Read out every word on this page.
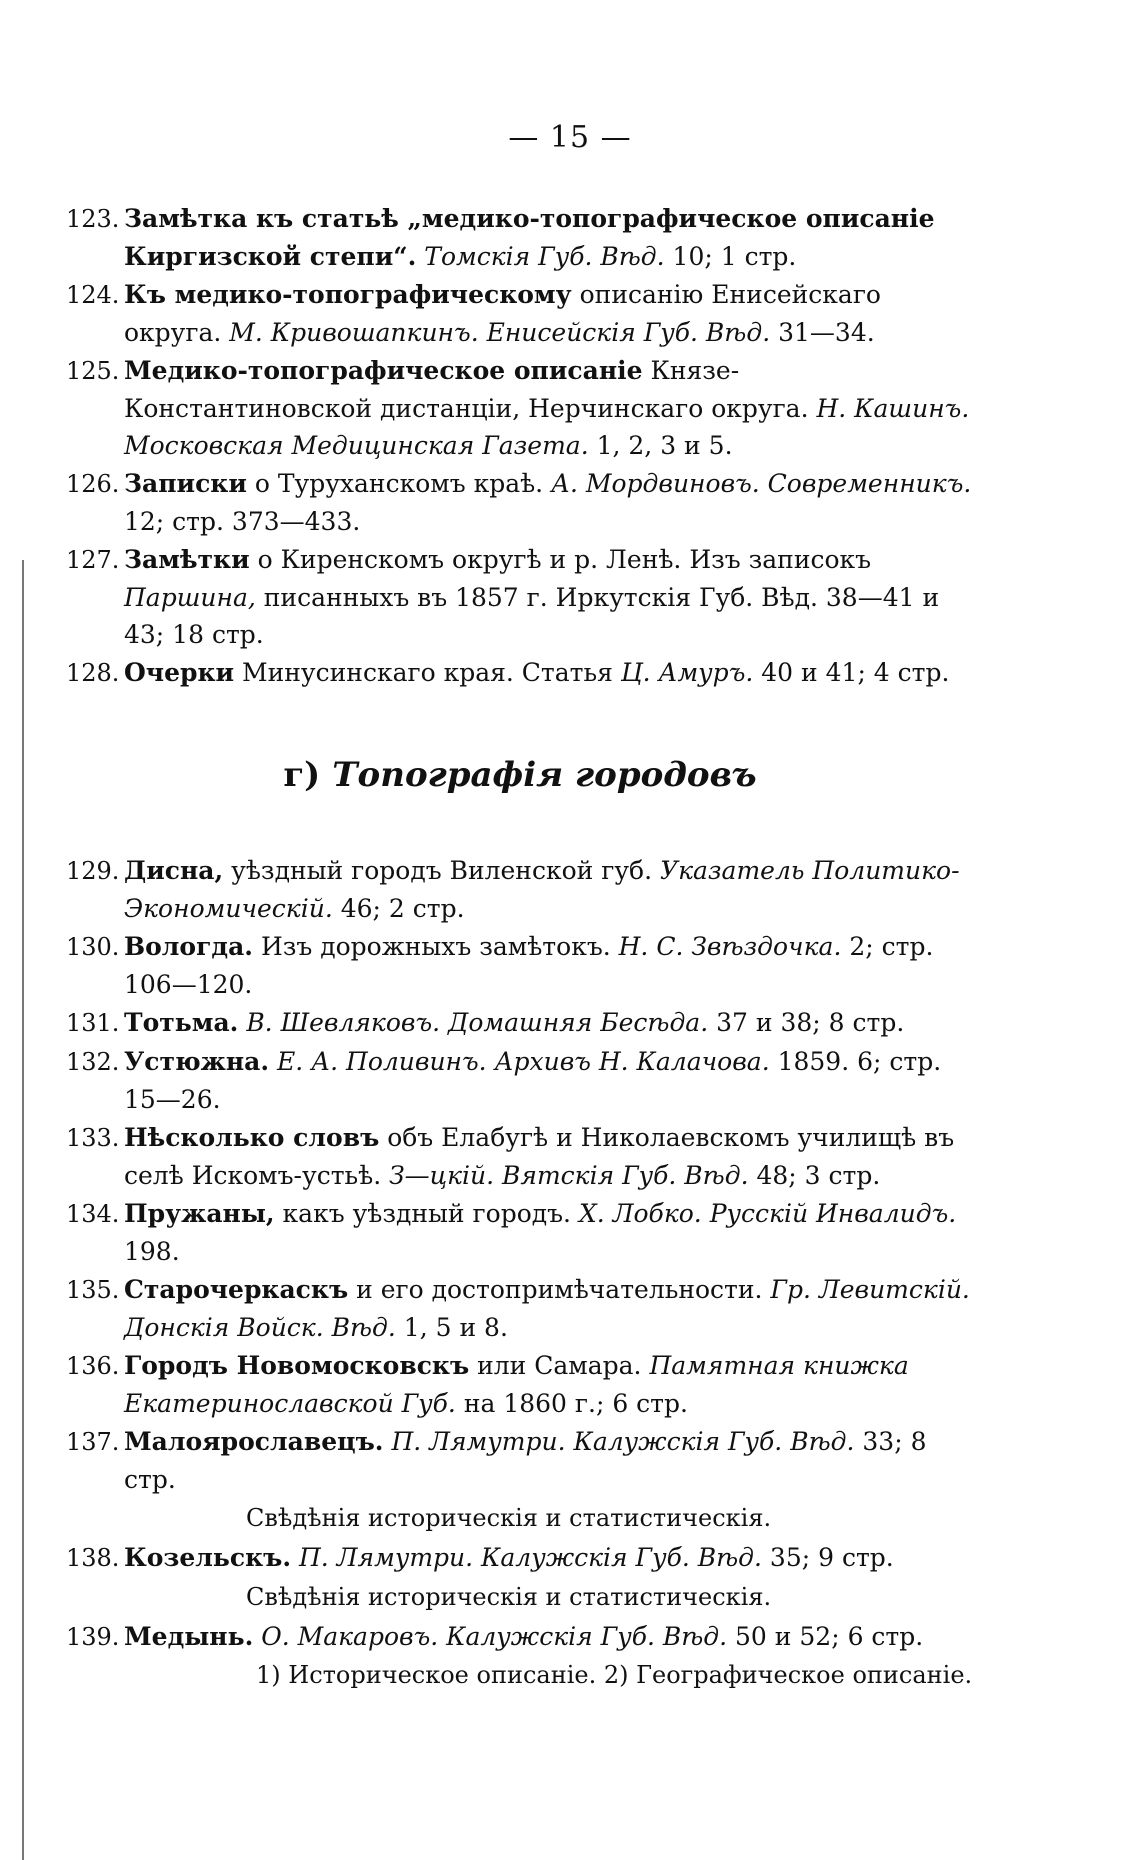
— 15 —
123. Замѣтка къ статьѣ „медико-топографическое описаніе Киргизской степи“. Томскія Губ. Вѣд. 10; 1 стр.
124. Къ медико-топографическому описанію Енисейскаго округа. М. Кривошапкинъ. Енисейскія Губ. Вѣд. 31—34.
125. Медико-топографическое описаніе Князе-Константиновской дистанціи, Нерчинскаго округа. Н. Кашинъ. Московская Медицинская Газета. 1, 2, 3 и 5.
126. Записки о Туруханскомъ краѣ. А. Мордвиновъ. Современникъ. 12; стр. 373—433.
127. Замѣтки о Киренскомъ округѣ и р. Ленѣ. Изъ записокъ Паршина, писанныхъ въ 1857 г. Иркутскія Губ. Вѣд. 38—41 и 43; 18 стр.
128. Очерки Минусинскаго края. Статья Ц. Амуръ. 40 и 41; 4 стр.
г) Топографія городовъ
129. Дисна, уѣздный городъ Виленской губ. Указатель Политико-Экономическій. 46; 2 стр.
130. Вологда. Изъ дорожныхъ замѣтокъ. Н. С. Звѣздочка. 2; стр. 106—120.
131. Тотьма. В. Шевляковъ. Домашняя Бесѣда. 37 и 38; 8 стр.
132. Устюжна. Е. А. Поливинъ. Архивъ Н. Калачова. 1859. 6; стр. 15—26.
133. Нѣсколько словъ объ Елабугѣ и Николаевскомъ училищѣ въ селѣ Искомъ-устьѣ. З—цкій. Вятскія Губ. Вѣд. 48; 3 стр.
134. Пружаны, какъ уѣздный городъ. Х. Лобко. Русскій Инвалидъ. 198.
135. Старочеркаскъ и его достопримѣчательности. Гр. Левитскій. Донскія Войск. Вѣд. 1, 5 и 8.
136. Городъ Новомосковскъ или Самара. Памятная книжка Екатеринославской Губ. на 1860 г.; 6 стр.
137. Малоярославецъ. П. Лямутри. Калужскія Губ. Вѣд. 33; 8 стр.
Свѣдѣнія историческія и статистическія.
138. Козельскъ. П. Лямутри. Калужскія Губ. Вѣд. 35; 9 стр.
Свѣдѣнія историческія и статистическія.
139. Медынь. О. Макаровъ. Калужскія Губ. Вѣд. 50 и 52; 6 стр.
1) Историческое описаніе. 2) Географическое описаніе.
